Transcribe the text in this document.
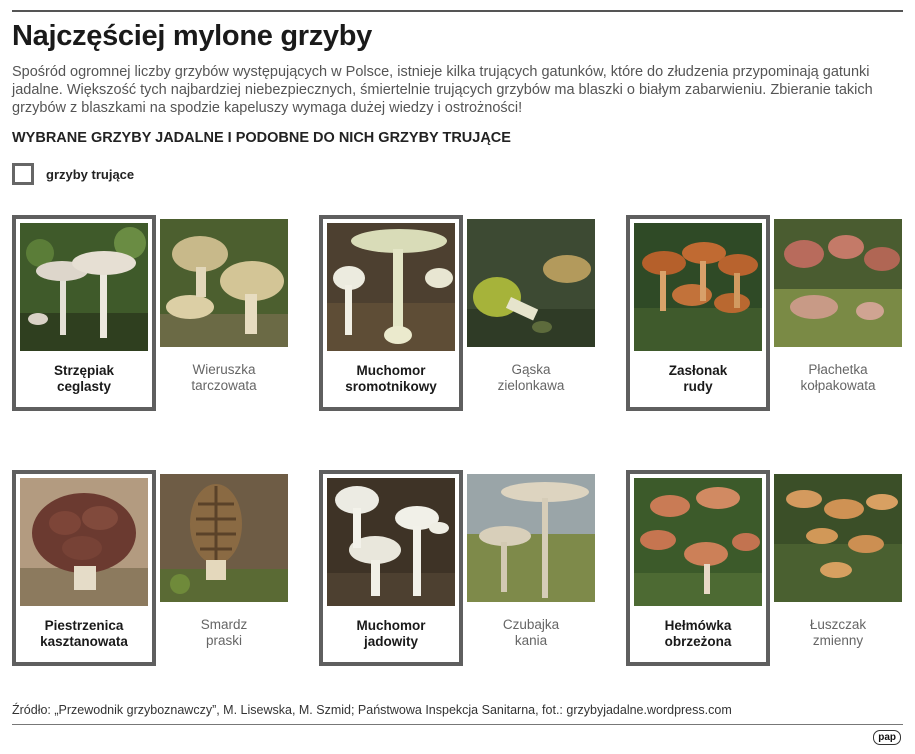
Najczęściej mylone grzyby

Spośród ogromnej liczby grzybów występujących w Polsce, istnieje kilka trujących gatunków, które do złudzenia przypominają gatunki jadalne. Większość tych najbardziej niebezpiecznych, śmiertelnie trujących grzybów ma blaszki o białym zabarwieniu. Zbieranie takich grzybów z blaszkami na spodzie kapeluszy wymaga dużej wiedzy i ostrożności!

WYBRANE GRZYBY JADALNE I PODOBNE DO NICH GRZYBY TRUJĄCE
grzyby trujące
Strzępiak
ceglasty
Wieruszka
tarczowata
Muchomor
sromotnikowy
Gąska
zielonkawa
Zasłonak
rudy
Płachetka
kołpakowata
Piestrzenica
kasztanowata
Smardz
praski
Muchomor
jadowity
Czubajka
kania
Hełmówka
obrzeżona
Łuszczak
zmienny
Źródło: „Przewodnik grzyboznawczy”, M. Lisewska, M. Szmid; Państwowa Inspekcja Sanitarna, fot.: grzybyjadalne.wordpress.com
pap
